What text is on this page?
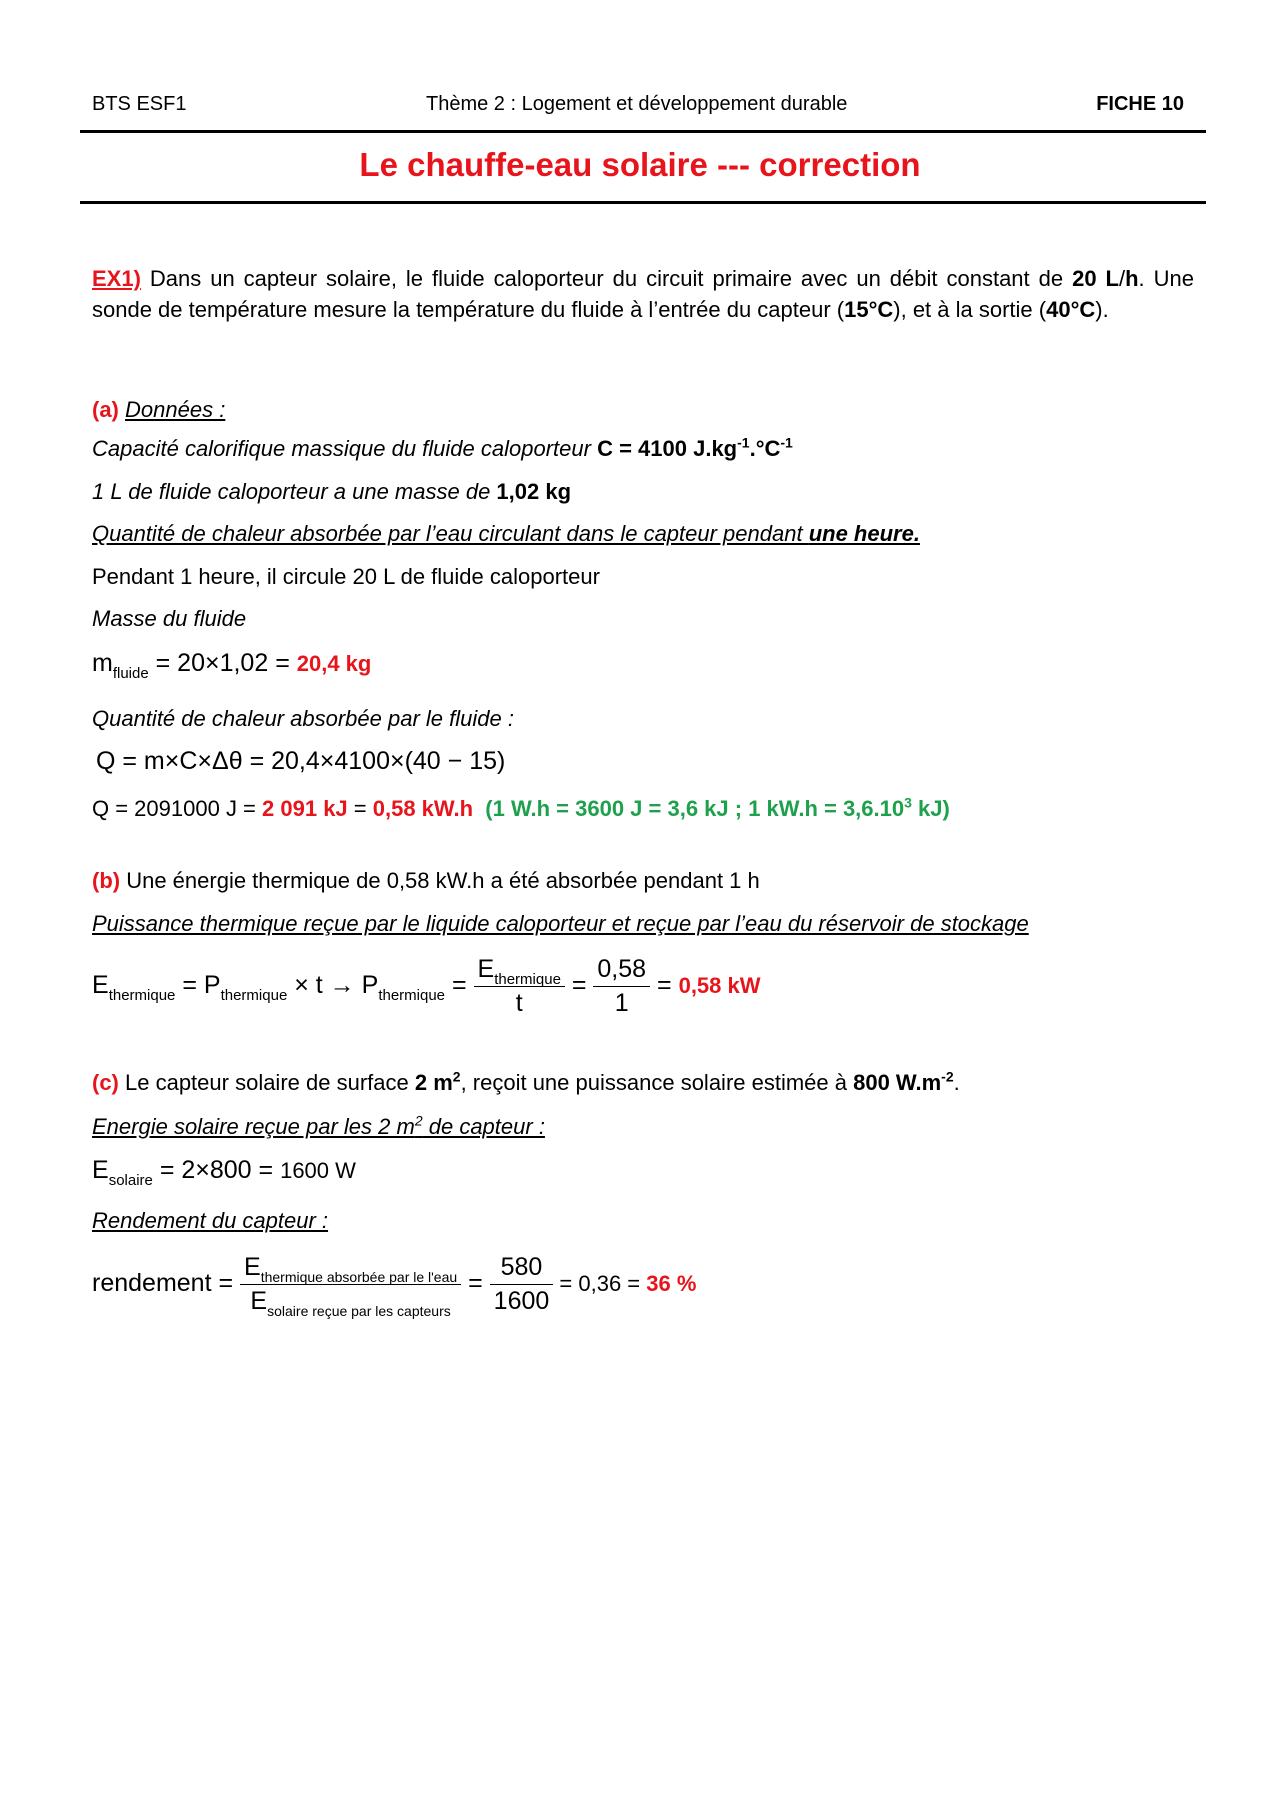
BTS ESF1	Thème 2 : Logement et développement durable	FICHE 10
Le chauffe-eau solaire --- correction
EX1) Dans un capteur solaire, le fluide caloporteur du circuit primaire avec un débit constant de 20 L/h. Une sonde de température mesure la température du fluide à l’entrée du capteur (15°C), et à la sortie (40°C).
(a) Données :
Capacité calorifique massique du fluide caloporteur C = 4100 $J.kg^{-1}.^\circ C^{-1}$
1 L de fluide caloporteur a une masse de 1,02 kg
Quantité de chaleur absorbée par l’eau circulant dans le capteur pendant une heure.
Pendant 1 heure, il circule 20 L de fluide caloporteur
Masse du fluide
$m_{fluide} = 20\times 1,02 = 20,4$ kg
Quantité de chaleur absorbée par le fluide :
Q = m×C×Δθ = 20,4×4100×(40 − 15)
Q = 2091000 J = 2 091 kJ = 0,58 kW.h (1 W.h = 3600 J = 3,6 kJ ; 1 $kW.h = 3,6.10^3$ kJ)
(b) Une énergie thermique de 0,58 kW.h a été absorbée pendant 1 h
Puissance thermique reçue par le liquide caloporteur et reçue par l’eau du réservoir de stockage
$E_{thermique} = P_{thermique} \times t \to P_{thermique} = \frac{E_{thermique}}{t} = \frac{0,58}{1} = 0,58$ kW
(c) Le capteur solaire de surface 2 $m^2$, reçoit une puissance solaire estimée à 800 $W.m^{-2}$.
Energie solaire reçue par les 2 $m^2$ de capteur :
$E_{solaire} = 2\times 800 = 1600$ W
Rendement du capteur :
rendement = $\frac{E_{thermique absorbée par le l'eau}}{E_{solaire reçue par les capteurs}} = \frac{580}{1600} = 0,36 = 36$ %
